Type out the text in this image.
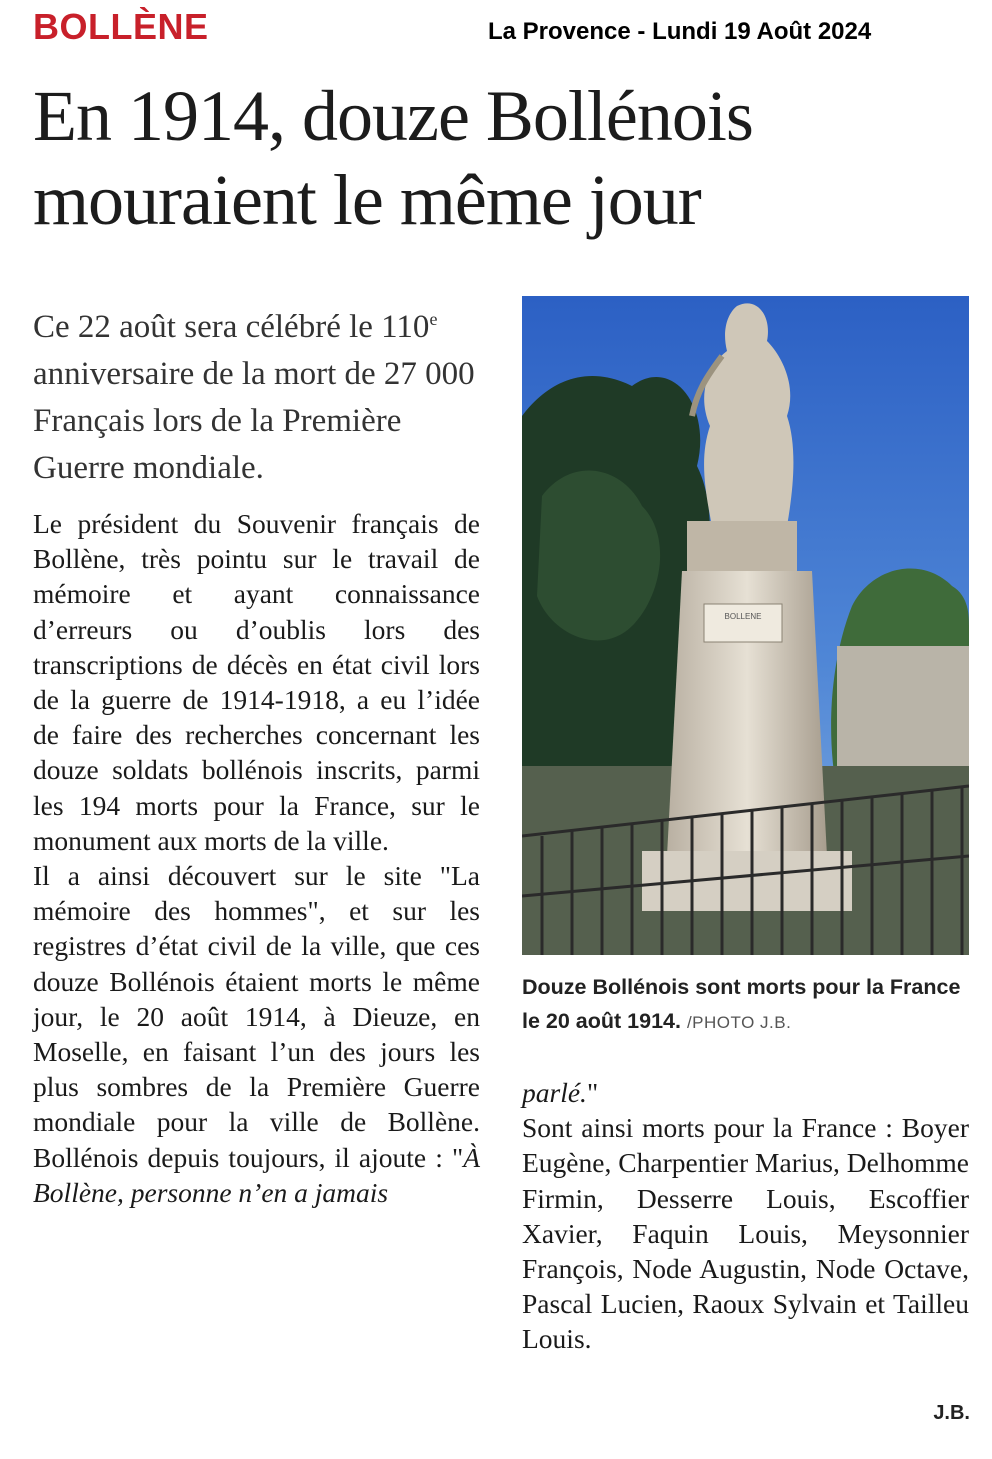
BOLLÈNE	La Provence - Lundi 19 Août 2024
En 1914, douze Bollénois mouraient le même jour

Ce 22 août sera célébré le 110e anniversaire de la mort de 27 000 Français lors de la Première Guerre mondiale.

Le président du Souvenir français de Bollène, très pointu sur le travail de mémoire et ayant connaissance d’erreurs ou d’oublis lors des transcriptions de décès en état civil lors de la guerre de 1914-1918, a eu l’idée de faire des recherches concernant les douze soldats bollénois inscrits, parmi les 194 morts pour la France, sur le monument aux morts de la ville.

Il a ainsi découvert sur le site "La mémoire des hommes", et sur les registres d’état civil de la ville, que ces douze Bollénois étaient morts le même jour, le 20 août 1914, à Dieuze, en Moselle, en faisant l’un des jours les plus sombres de la Première Guerre mondiale pour la ville de Bollène. Bollénois depuis toujours, il ajoute : "À Bollène, personne n’en a jamais

BOLLENE

Douze Bollénois sont morts pour la France le 20 août 1914. /PHOTO J.B.

parlé."
Sont ainsi morts pour la France : Boyer Eugène, Charpentier Marius, Delhomme Firmin, Desserre Louis, Escoffier Xavier, Faquin Louis, Meysonnier François, Node Augustin, Node Octave, Pascal Lucien, Raoux Sylvain et Tailleu Louis.

J.B.
